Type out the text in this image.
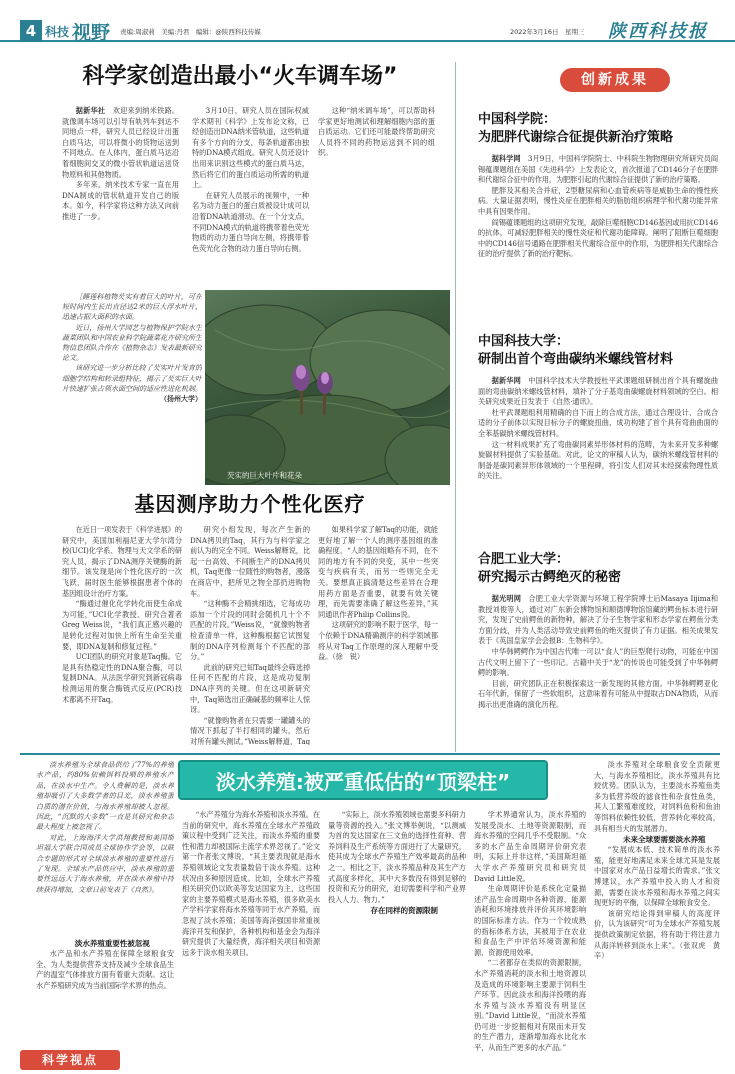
4 科技 视野 责编:周淑莉　美编:丹君　编辑：@陕西科技传媒	2022年3月16日　星期三 陕西科技报
科学家创造出最小“火车调车场”

据新华社　 欢迎来到纳米铁路。就像调车场可以引导有轨列车到达不同地点一样，研究人员已经设计出蛋白质马达，可以将微小的货物运送到不同地点。在人体内，蛋白质马达沿着细胞间交叉的微小管状轨道运送货物原料和其他物质。

多年来，纳米技术专家一直在用DNA制成的管状轨道开发自己的版本。如今，科学家将这种方法又向前推进了一步。

3月10日，研究人员在国际权威学术期刊《科学》上发布论文称，已经创造出DNA纳米管轨道，这些轨道有多个方向的分支，每条轨道都由独特的DNA模式组成。研究人员还设计出用来识别这些模式的蛋白质马达，然后将它们的蛋白质运动所需的轨道上。

在研究人员展示的视频中，一种名为动力蛋白的蛋白质被设计成可以沿着DNA轨道滑动。在一个分支点，不同DNA模式的轨道将携带着色荧光物质的动力蛋白导向左侧，将携带着色荧光化合物的动力蛋白导向右侧。

这种“纳米调车场”，可以帮助科学家更好地测试和理解细胞内部的蛋白质运动。它们还可能最终帮助研究人员将不同的药物运送到不同的组织。

［睡莲科植物芡实有着巨大的叶片，可在短时间内生长出直径达2米的巨大浮水叶片，迅速占据大面积的水面。

近日，扬州大学园艺与植物保护学院水生蔬菜团队和中国农业科学院蔬菜花卉研究所生物信息团队合作在《植物杂志》发表最新研究论文。

该研究进一步分析比较了芡实叶片发育的细胞学结构和转录组特征，揭示了芡实巨大叶片快速扩张占领水面空间的适应性进化机制。

（扬州大学）

芡实的巨大叶片和花朵
基因测序助力个性化医疗

在近日一项发表于《科学进展》的研究中，美国加利福尼亚大学尔湾分校(UCI)化学系、物理与天文学系的研究人员，揭示了DNA测序关键酶的新细节。该发现是向个性化医疗的一次飞跃，届时医生能够根据患者个体的基因组设计治疗方案。

“酶通过催化化学转化而使生命成为可能，”UCI化学教授、研究合著者Greg Weiss说，“我们真正感兴趣的是转化过程对加快上所有生命至关重要，即DNA复制和修复过程。”

UCI团队的研究对象是Taq酶。它是具有热稳定性的DNA聚合酶，可以复制DNA。从法医学研究到新冠病毒检测运用的聚合酶链式反应(PCR)技术都离不开Taq。

研究小组发现，每次产生新的DNA拷贝的Taq，其行为与科学家之前认为的完全不同。Weiss解释说，比起一台高效、不间断生产的DNA拷贝机，Taq更像一位随性的购物者，漫落在商店中，把所见之物全部扔进购物车。

“这种酶不会精挑细选，它每成功添加一个片段的同时会随机几十个不匹配的片段。”Weiss说，“就像购物者检查清单一样，这种酶根据它试图复制的DNA序列检测每个不匹配的部分。”

此前的研究已知Taq最终会筛选掉任何不匹配的片段，这是成功复制DNA序列的关键。但在这项新研究中，Taq筛选出正确碱基的频率让人惊讶。

“就像购物者在只需要一罐罐头的情况下抓起了半打相同的罐头，然后对所有罐头测试。”Weiss解释道，Taq

如果科学家了解Taq的功能，就能更好地了解一个人的测序基因组的准确程度。“人的基因组略有不同，在不同的地方有不同的突变，其中一些突变与疾病有关，而另一些则完全无关。要想真正搞清楚这些差异在合理用药方面是否重要，就要有效关键理，而先需要准确了解这些差异，”其同通讯作者Philip Collins说。

这项研究的影响不限于医学，每一个依赖于DNA精确测序的科学领域都将从对Taq工作原理的深入理解中受益。（徐　锐）

创新成果
中国科学院：
为肥胖代谢综合征提供新治疗策略

据科学网　 3月9日，中国科学院院士、中科院生物物理研究所研究员阎锡蕴课题组在美国《先进科学》上发表论文，首次报道了CD146分子在肥胖和代谢综合征中的作用，为肥胖引起的代谢综合征提供了新的治疗策略。

肥胖及其相关合并症，2型糖尿病和心血管疾病等是威胁生命的慢性疾病。大量证据表明，慢性炎症在肥胖相关的脂肪组织病理学和代谢功能异常中具有因果作用。

阎锡蕴课题组的这项研究发现，敲除巨噬细胞CD146基因或用抗CD146的抗体，可减轻肥胖相关的慢性炎症和代谢功能障碍。阐明了阻断巨噬细胞中的CD146信号通路在肥胖相关代谢综合征中的作用，为肥胖相关代谢综合征的治疗提供了新的治疗靶标。

中国科技大学：
研制出首个弯曲碳纳米螺线管材料

据新华网　 中国科学技术大学教授杜平武课题组研制出首个具有螺旋曲面的弯曲碳纳米螺线管材料，填补了分子基弯曲碳螺旋材料领域的空白。相关研究成果近日发表于《自然·通讯》。

杜平武课题组利用精确的自下而上的合成方法，通过合理设计、合成合适的分子前体以实现目标分子的螺旋扭曲，成功构建了首个具有弯曲曲面的全苯基碳纳米螺线管材料。

这一材料成果扩充了弯曲碳同素异形体材料的范畴，为未来开发多种螺旋碳材料提供了实验基础。对此，论文的审稿人认为，碳纳米螺线管材料的制备是碳同素异形体领域的一个里程碑，将引发人们对其未经探索物理性质的关注。

合肥工业大学：
研究揭示古鳄绝灭的秘密

据光明网　 合肥工业大学资源与环境工程学院博士后Masaya Iijima和教授刘俊等人，通过对广东新会博物馆和顺德博物馆馆藏的鳄鱼标本进行研究，发现了史前鳄鱼的新物种，解决了分子生物学家和形态学家在鳄鱼分类方面分歧，并为人类活动导致史前鳄鱼的绝灭提供了有力证据。相关成果发表于《英国皇家学会会报B：生物科学》。

中华韩鳄鳄作为中国古代唯一可以“食人”的巨型爬行动物，可能在中国古代文明上留下了一些印记。古籍中关于“龙”的传说也可能受到了中华韩鳄鳄的影响。

目前，研究团队正在积极探索这一新发现的其他方面。中华韩鳄鳄亚化石年代新，保留了一些软组织，这意味着有可能从中提取古DNA物质，从而揭示出更准确的演化历程。

淡水养殖为全球食品供给了77%的养殖水产品，约80%依赖饵料投喂的养殖水产品，在淡水中生产。令人费解的是，淡水养殖却吸引了大多数学者的目光，淡水养殖蛋白质的潜在价值，与海水养殖却被人忽视。因此，“沉默的大多数”一直是其研究和杂志最大程度上被忽视了。

对此，上海海洋大学洪翔教授和美国斯坦福大学联合国成员全球协作学会等，以联合专题的形式对全球淡水养殖的重要性进行了发现。全球水产品供应中，淡水养殖的重要性远远大于海水养殖，并在淡水养殖中持续获得增加，文章日前发表于《自然》。

淡水养殖:被严重低估的“顶梁柱”

淡水养殖重要性被忽视

水产品和水产养殖在保障全球粮食安全、为人类提供营养支持及减少全球食品生产的温室气体排放方面有着重大贡献。这让水产养殖研究成为当前国际学术界的热点。

“水产养殖分为海水养殖和淡水养殖。在当前的研究中，海水养殖在全球水产养殖政策议程中受到广泛关注，而淡水养殖的重要性和潜力却被国际主流学术界忽视了。”论文第一作者张文博说，“其主要表现就是海水养殖领域论文发表量数倍于淡水养殖。这种状况由多种原因造成。比如，全球水产养殖相关研究仍以欧美等发达国家为主，这些国家的主要养殖模式是海水养殖，很多欧美水产学科学家将海水养殖等同于水产养殖，而忽视了淡水养殖；美国等海洋强国非常重视海洋开发和保护，各种机构和基金会为海洋研究提供了大量经费，海洋相关项目和资源远多于淡水相关项目。

“实际上，淡水养殖领域也需要多科研力量等资源的投入。”张文博举例说，“以测威为首的发达国家在三文鱼的选择性育种、营养饲料及生产系统等方面进行了大量研究，使其成为全球水产养殖生产效率最高的品种之一。相比之下，淡水养殖品种及其生产方式高度多样化，其中大多数没有得到足够的投资和充分的研究，迫切需要科学和产业界投入人力、物力。”

存在同样的资源限制

学术界通常认为，淡水养殖的发展受淡水、土地等资源限制，而海水养殖的空间几乎不受限制。“众多的水产品生命周期评价研究表明，实际上并非这样，”美国斯坦福大学水产养殖研究员和研究员David Little说。

生命周期评价是系统化定量描述产品生命周期中各种资源、能源消耗和环境排放并评价其环境影响的国际标准方法。作为一个较成熟的指标体系方法，其被用于在农业和食品生产中评估环境资源和能源、资源使用效率。

“二者都存在类似的资源限制，水产养殖消耗的淡水和土地资源以及造成的环境影响主要源于饲料生产环节。因此淡水和海洋投喂的海水养殖与淡水养殖没有明显区别。”David Little说，“而淡水养殖仍可进一步挖掘相对有限而未开发的生产潜力，逐渐增加海水比化水平，从而生产更多的水产品。”

淡水养殖对全球粮食安全贡献更大，与海水养殖相比，淡水养殖具有比较优势。团队认为，主要淡水养殖鱼类多为低营养级的滤食性和杂食性鱼类，其人工繁殖难度较，对饲料鱼粉和鱼油等饵料依赖性较低，营养转化率较高，具有相当大的发展潜力。

未来全球要需要淡水养殖

“发展成本低、技术简单的淡水养殖，能更好地满足未来全球尤其是发展中国家对水产品日益增长的需求。”张文博建议，水产养殖中投入的人才和资源，需要在淡水养殖和海水养殖之间实现更好的平衡，以保障全球粮食安全。

该研究结论得到审稿人的高度评价，认为该研究“可为全球水产养殖发展提供政策制定依据，将有助于将注意力从海洋转移到淡水上来”。（张双虎　黄　辛）

科学视点
